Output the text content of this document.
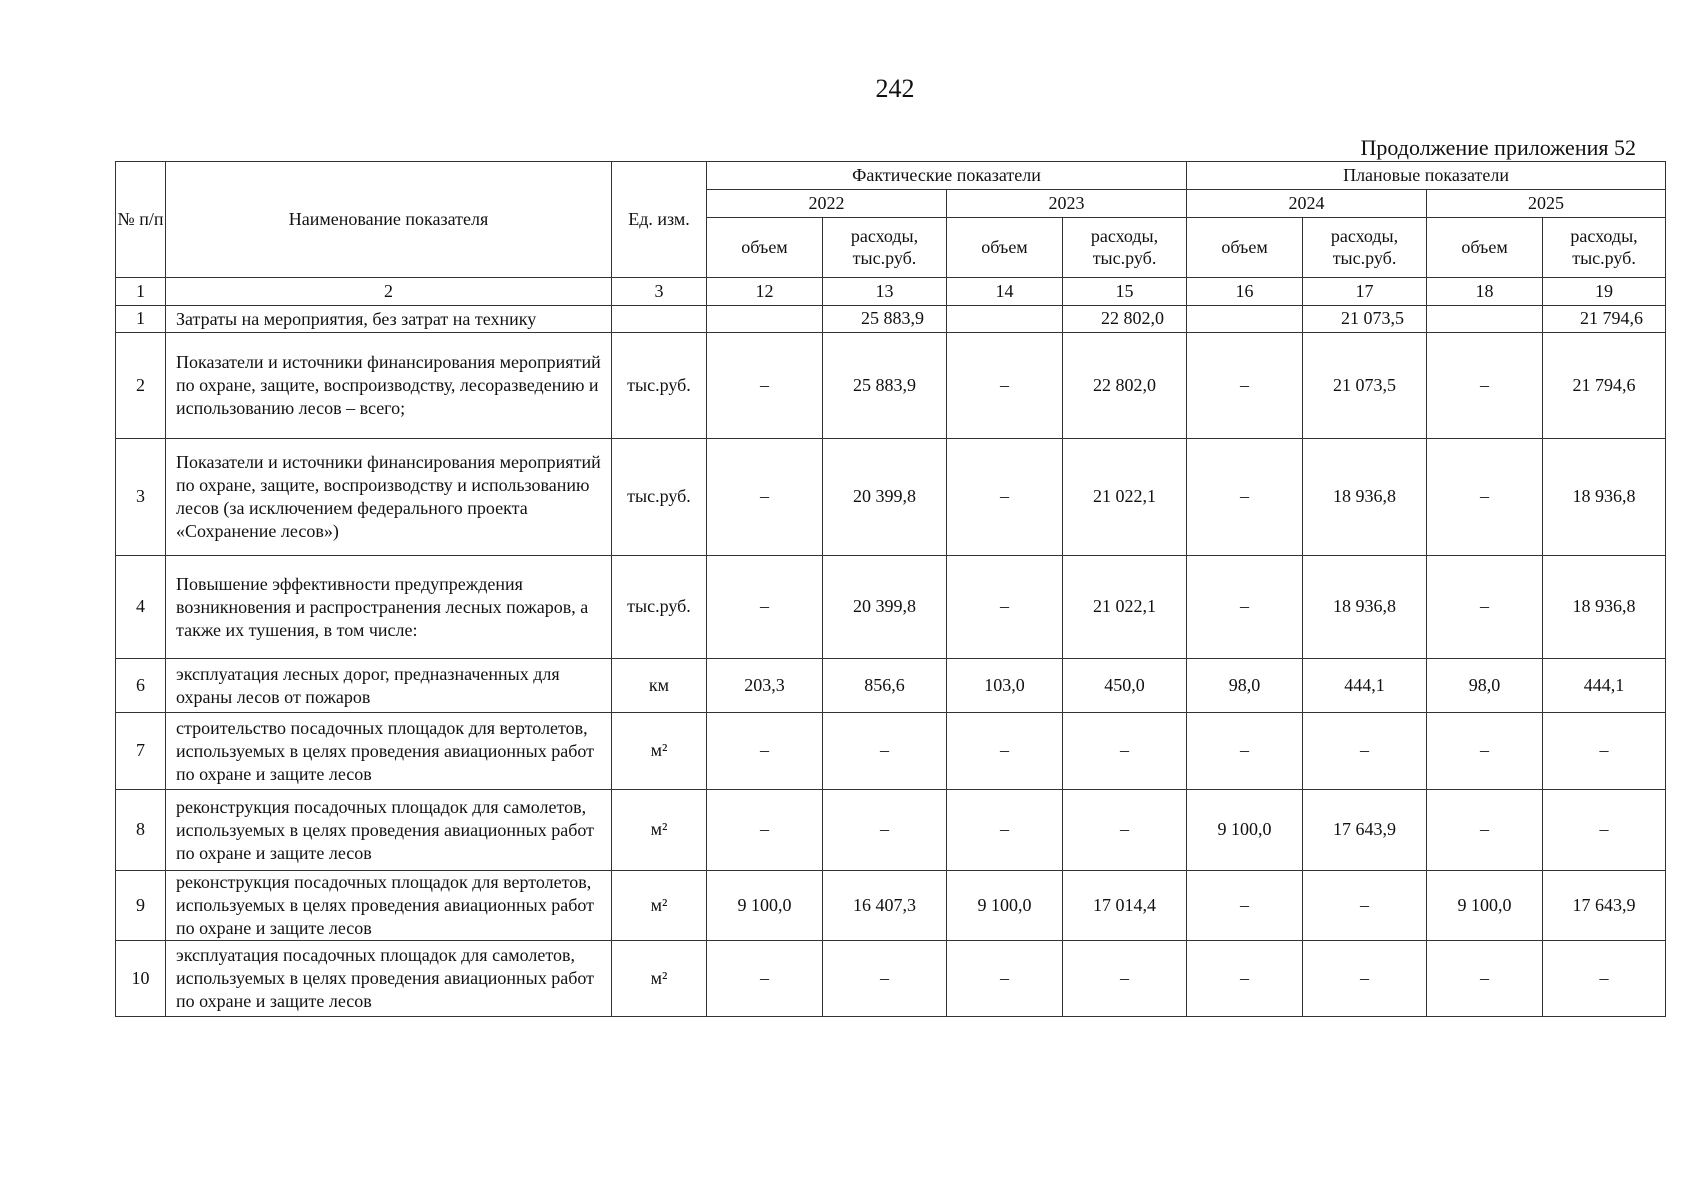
242
Продолжение приложения 52
№ п/п	Наименование показателя	Ед. изм.	Фактические показатели				Плановые показатели			
			2022		2023		2024		2025	
			объем	расходы, тыс.руб.	объем	расходы, тыс.руб.	объем	расходы, тыс.руб.	объем	расходы, тыс.руб.
1	2	3	12	13	14	15	16	17	18	19
1	Затраты на мероприятия, без затрат на технику			25 883,9		22 802,0		21 073,5		21 794,6
2	Показатели и источники финансирования мероприятий по охране, защите, воспроизводству, лесоразведению и использованию лесов – всего;	тыс.руб.	–	25 883,9	–	22 802,0	–	21 073,5	–	21 794,6
3	Показатели и источники финансирования мероприятий по охране, защите, воспроизводству и использованию лесов (за исключением федерального проекта «Сохранение лесов»)	тыс.руб.	–	20 399,8	–	21 022,1	–	18 936,8	–	18 936,8
4	Повышение эффективности предупреждения возникновения и распространения лесных пожаров, а также их тушения, в том числе:	тыс.руб.	–	20 399,8	–	21 022,1	–	18 936,8	–	18 936,8
6	эксплуатация лесных дорог, предназначенных для охраны лесов от пожаров	км	203,3	856,6	103,0	450,0	98,0	444,1	98,0	444,1
7	строительство посадочных площадок для вертолетов, используемых в целях проведения авиационных работ по охране и защите лесов	м²	–	–	–	–	–	–	–	–
8	реконструкция посадочных площадок для самолетов, используемых в целях проведения авиационных работ по охране и защите лесов	м²	–	–	–	–	9 100,0	17 643,9	–	–
9	реконструкция посадочных площадок для вертолетов, используемых в целях проведения авиационных работ по охране и защите лесов	м²	9 100,0	16 407,3	9 100,0	17 014,4	–	–	9 100,0	17 643,9
10	эксплуатация посадочных площадок для самолетов, используемых в целях проведения авиационных работ по охране и защите лесов	м²	–	–	–	–	–	–	–	–
